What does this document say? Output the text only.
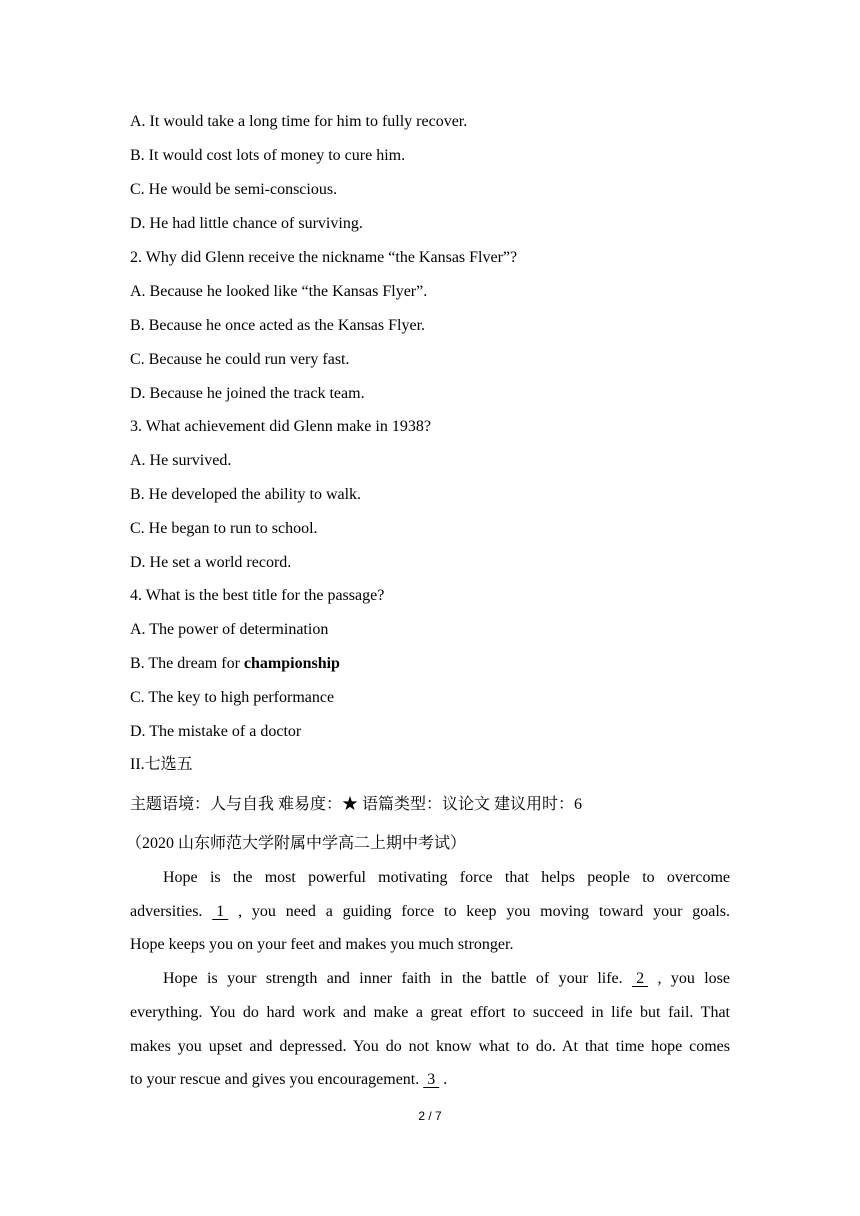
A. It would take a long time for him to fully recover.
B. It would cost lots of money to cure him.
C. He would be semi-conscious.
D. He had little chance of surviving.
2. Why did Glenn receive the nickname “the Kansas Flver”?
A. Because he looked like “the Kansas Flyer”.
B. Because he once acted as the Kansas Flyer.
C. Because he could run very fast.
D. Because he joined the track team.
3. What achievement did Glenn make in 1938?
A. He survived.
B. He developed the ability to walk.
C. He began to run to school.
D. He set a world record.
4. What is the best title for the passage?
A. The power of determination
B. The dream for championship
C. The key to high performance
D. The mistake of a doctor
II.七选五
主题语境：人与自我 难易度：★ 语篇类型：议论文 建议用时：6
（2020 山东师范大学附属中学高二上期中考试）
Hope is the most powerful motivating force that helps people to overcome
adversities.  1  , you need a guiding force to keep you moving toward your goals.
Hope keeps you on your feet and makes you much stronger.
Hope is your strength and inner faith in the battle of your life.  2  , you lose
everything. You do hard work and make a great effort to succeed in life but fail. That
makes you upset and depressed. You do not know what to do. At that time hope comes
to your rescue and gives you encouragement.  3  .
2 / 7
